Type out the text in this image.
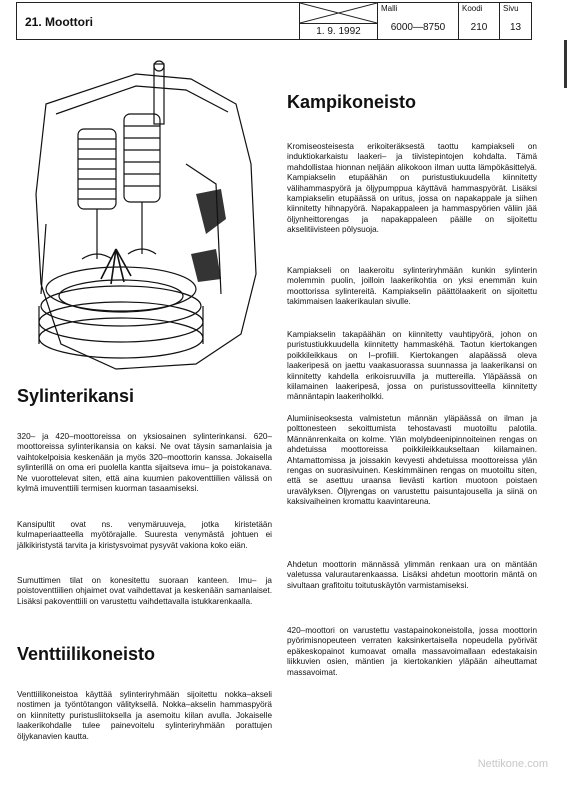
21. Moottori
1. 9. 1992
Malli
6000—8750
Koodi
210
Sivu
13
Kampikoneisto

Kromiseosteisesta erikoiteräksestä taottu kampiakseli on induktiokarkaistu laakeri– ja tiivistepintojen kohdalta. Tämä mahdollistaa hionnan neljään alikokoon ilman uutta lämpökäsittelyä. Kampiakselin etupäähän on puristustiukuudella kiinnitetty välihammaspyörä ja öljypumppua käyttävä hammaspyörät. Lisäksi kampiakselin etupäässä on uritus, jossa on napakappale ja siihen kiinnitetty hihnapyörä. Napakappaleen ja hammaspyörien väliin jää öljynheittorengas ja napakappaleen päälle on sijoitettu akselitiivisteen pölysuoja.

Kampiakseli on laakeroitu sylinteriryhmään kunkin sylinterin molemmin puolin, joilloin laakerikohtia on yksi enemmän kuin moottorissa sylintereitä. Kampiakselin päättölaakerit on sijoitettu takimmaisen laakerikaulan sivulle.

Kampiakselin takapäähän on kiinnitetty vauhtipyörä, johon on puristustiukkuudella kiinnitetty hammaskéhä. Taotun kiertokangen poikkileikkaus on I–profiili. Kiertokangen alapäässä oleva laakeripesä on jaettu vaakasuorassa suunnassa ja laakerikansi on kiinnitetty kahdella erikoisruuvilla ja muttereilla. Yläpäässä on kiilamainen laakeripesä, jossa on puristussovitteella kiinnitetty männäntapin laakeriholkki.

Alumiiniseoksesta valmistetun männän yläpäässä on ilman ja polttonesteen sekoittumista tehostavasti muotoiltu palotila. Männänrenkaita on kolme. Ylän molybdeenipinnoiteinen rengas on ahdetuissa moottoreissa poikkileikkaukseltaan kiilamainen. Ahtamattomissa ja joissakin kevyesti ahdetuissa moottoreissa ylän rengas on suorasivuinen. Keskimmäinen rengas on muotoiltu siten, että se asettuu uraansa lievästi kartion muotoon poistaen uravälyksen. Öljyrengas on varustettu paisuntajousella ja siinä on kaksivaiheinen kromattu kaavintareuna.

Ahdetun moottorin männässä ylimmän renkaan ura on mäntään valetussa valurautarenkaassa. Lisäksi ahdetun moottorin mäntä on sivultaan grafitoitu toitutuskäytön varmistamiseksi.

420–moottori on varustettu vastapainokoneistolla, jossa moottorin pyörimisnopeuteen verraten kaksinkertaisella nopeudella pyörivät epäkeskopainot kumoavat omalla massavoimallaan edestakaisin liikkuvien osien, mäntien ja kiertokankien yläpään aiheuttamat massavoimat.

Sylinterikansi

320– ja 420–moottoreissa on yksiosainen sylinterinkansi. 620–moottoreissa sylinterikansia on kaksi. Ne ovat täysin samanlaisia ja vaihtokelpoisia keskenään ja myös 320–moottorin kanssa. Jokaisella sylinterillä on oma eri puolella kantta sijaitseva imu– ja poistokanava. Ne vuorottelevat siten, että aina kuumien pakoventtiilien välissä on kylmä imuventtiili termisen kuorman tasaamiseksi.

Kansipultit ovat ns. venymäruuveja, jotka kiristetään kulmaperiaatteella myötörajalle. Suuresta venymästä johtuen ei jälkikiristystä tarvita ja kiristysvoimat pysyvät vakiona koko eiän.

Sumuttimen tilat on konesitettu suoraan kanteen. Imu– ja poistoventtiilien ohjaimet ovat vaihdettavat ja keskenään samanlaiset. Lisäksi pakoventtiili on varustettu vaihdettavalla istukkarenkaalla.

Venttiilikoneisto

Venttiilikoneistoa käyttää sylinteriryhmään sijoitettu nokka–akseli nostimen ja työntötangon välityksellä. Nokka–akselin hammaspyörä on kiinnitetty puristusliitoksella ja asemoitu kiilan avulla. Jokaiselle laakerikohdalle tulee painevoitelu sylinteriryhmään porattujen öljykanavien kautta.

Nettikone.com
